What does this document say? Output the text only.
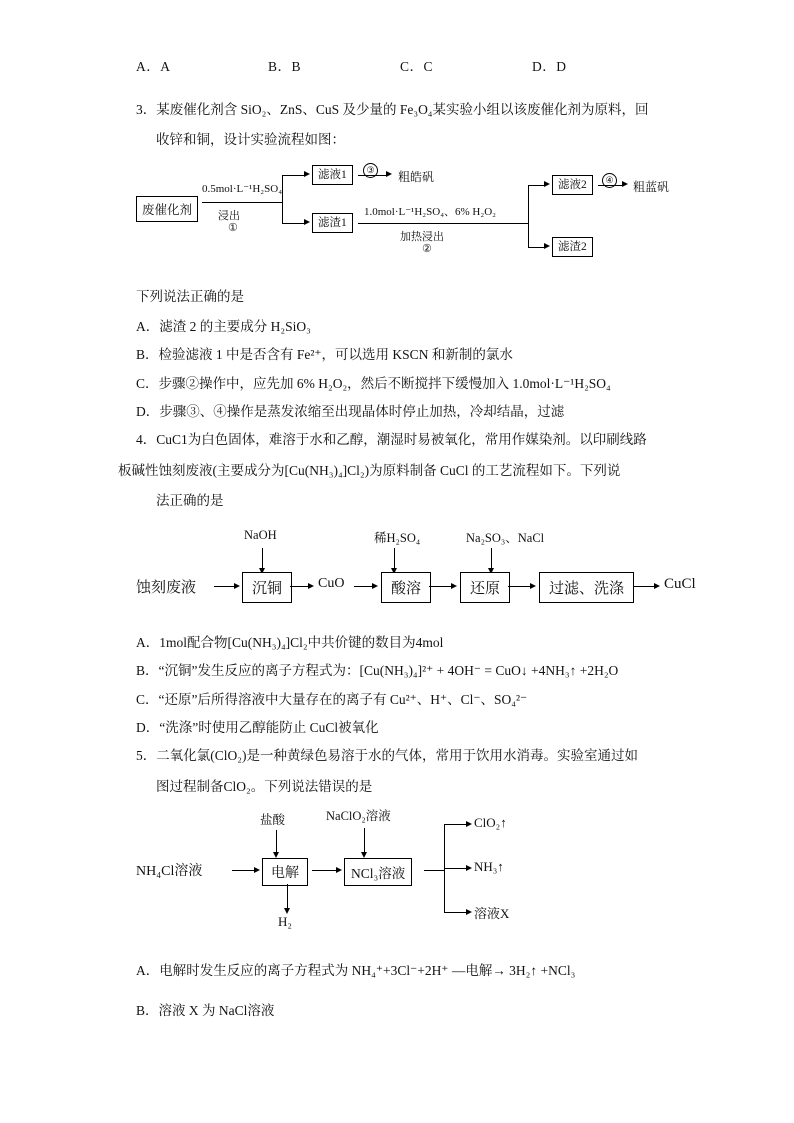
A．A	B．B	C．C	D．D
3．某废催化剂含 SiO₂、ZnS、CuS 及少量的 Fe₃O₄某实验小组以该废催化剂为原料，回
收锌和铜，设计实验流程如图：
废催化剂
0.5mol·L⁻¹H₂SO₄
浸出
①
滤液1
滤渣1
③ 粗皓矾
1.0mol·L⁻¹H₂SO₄、6% H₂O₂
加热浸出
②
滤液2
滤渣2
④ 粗蓝矾
下列说法正确的是
A．滤渣 2 的主要成分 H₂SiO₃
B．检验滤液 1 中是否含有 Fe²⁺，可以选用 KSCN 和新制的氯水
C．步骤②操作中，应先加 6% H₂O₂，然后不断搅拌下缓慢加入 1.0mol·L⁻¹H₂SO₄
D．步骤③、④操作是蒸发浓缩至出现晶体时停止加热，冷却结晶，过滤
4．CuC1为白色固体，难溶于水和乙醇，潮湿时易被氧化，常用作媒染剂。以印刷线路
板碱性蚀刻废液(主要成分为[Cu(NH₃)₄]Cl₂)为原料制备 CuCl 的工艺流程如下。下列说
法正确的是
NaOH	稀H₂SO₄	Na₂SO₃、NaCl
蚀刻废液	沉铜	CuO	酸溶	还原	过滤、洗涤	CuCl
A．1mol配合物[Cu(NH₃)₄]Cl₂中共价键的数目为4mol
B．“沉铜”发生反应的离子方程式为：[Cu(NH₃)₄]²⁺ + 4OH⁻ = CuO↓ +4NH₃↑ +2H₂O
C．“还原”后所得溶液中大量存在的离子有 Cu²⁺、H⁺、Cl⁻、SO₄²⁻
D．“洗涤”时使用乙醇能防止 CuCl被氧化
5．二氧化氯(ClO₂)是一种黄绿色易溶于水的气体，常用于饮用水消毒。实验室通过如
图过程制备ClO₂。下列说法错误的是
盐酸	NaClO₂溶液
NH₄Cl溶液	电解	NCl₃溶液
H₂
ClO₂↑
NH₃↑
溶液X
A．电解时发生反应的离子方程式为 NH₄⁺+3Cl⁻+2H⁺ —电解→ 3H₂↑ +NCl₃
B．溶液 X 为 NaCl溶液
